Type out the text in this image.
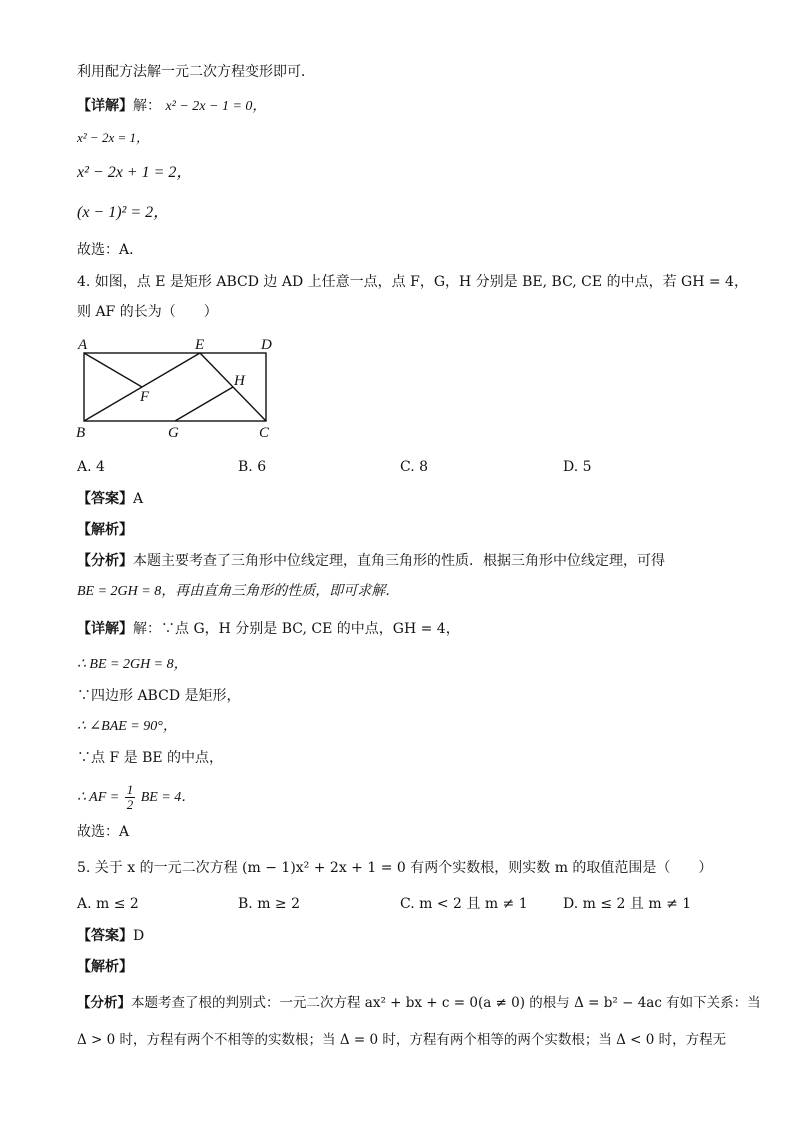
利用配方法解一元二次方程变形即可．
【详解】解： x² − 2x − 1 = 0，
x² − 2x = 1，
x² − 2x + 1 = 2，
(x − 1)² = 2，
故选：A．
4. 如图，点 E 是矩形 ABCD 边 AD 上任意一点，点 F，G，H 分别是 BE, BC, CE 的中点，若 GH = 4，
则 AF 的长为（　　）
A	E	D
H
F
B	G	C
A. 4	B. 6	C. 8	D. 5
【答案】A
【解析】
【分析】本题主要考查了三角形中位线定理，直角三角形的性质．根据三角形中位线定理，可得
BE = 2GH = 8，再由直角三角形的性质，即可求解．
【详解】解：∵点 G，H 分别是 BC, CE 的中点，GH = 4，
∴ BE = 2GH = 8，
∵四边形 ABCD 是矩形，
∴ ∠BAE = 90°，
∵点 F 是 BE 的中点，
∴ AF = $\frac{1}{2}$ BE = 4．
故选：A
5. 关于 x 的一元二次方程 (m − 1)x² + 2x + 1 = 0 有两个实数根，则实数 m 的取值范围是（　　）
A. m ≤ 2	B. m ≥ 2	C. m < 2 且 m ≠ 1	D. m ≤ 2 且 m ≠ 1
【答案】D
【解析】
【分析】本题考查了根的判别式：一元二次方程 ax² + bx + c = 0(a ≠ 0) 的根与 Δ = b² − 4ac 有如下关系：当
Δ > 0 时，方程有两个不相等的实数根；当 Δ = 0 时，方程有两个相等的两个实数根；当 Δ < 0 时，方程无
